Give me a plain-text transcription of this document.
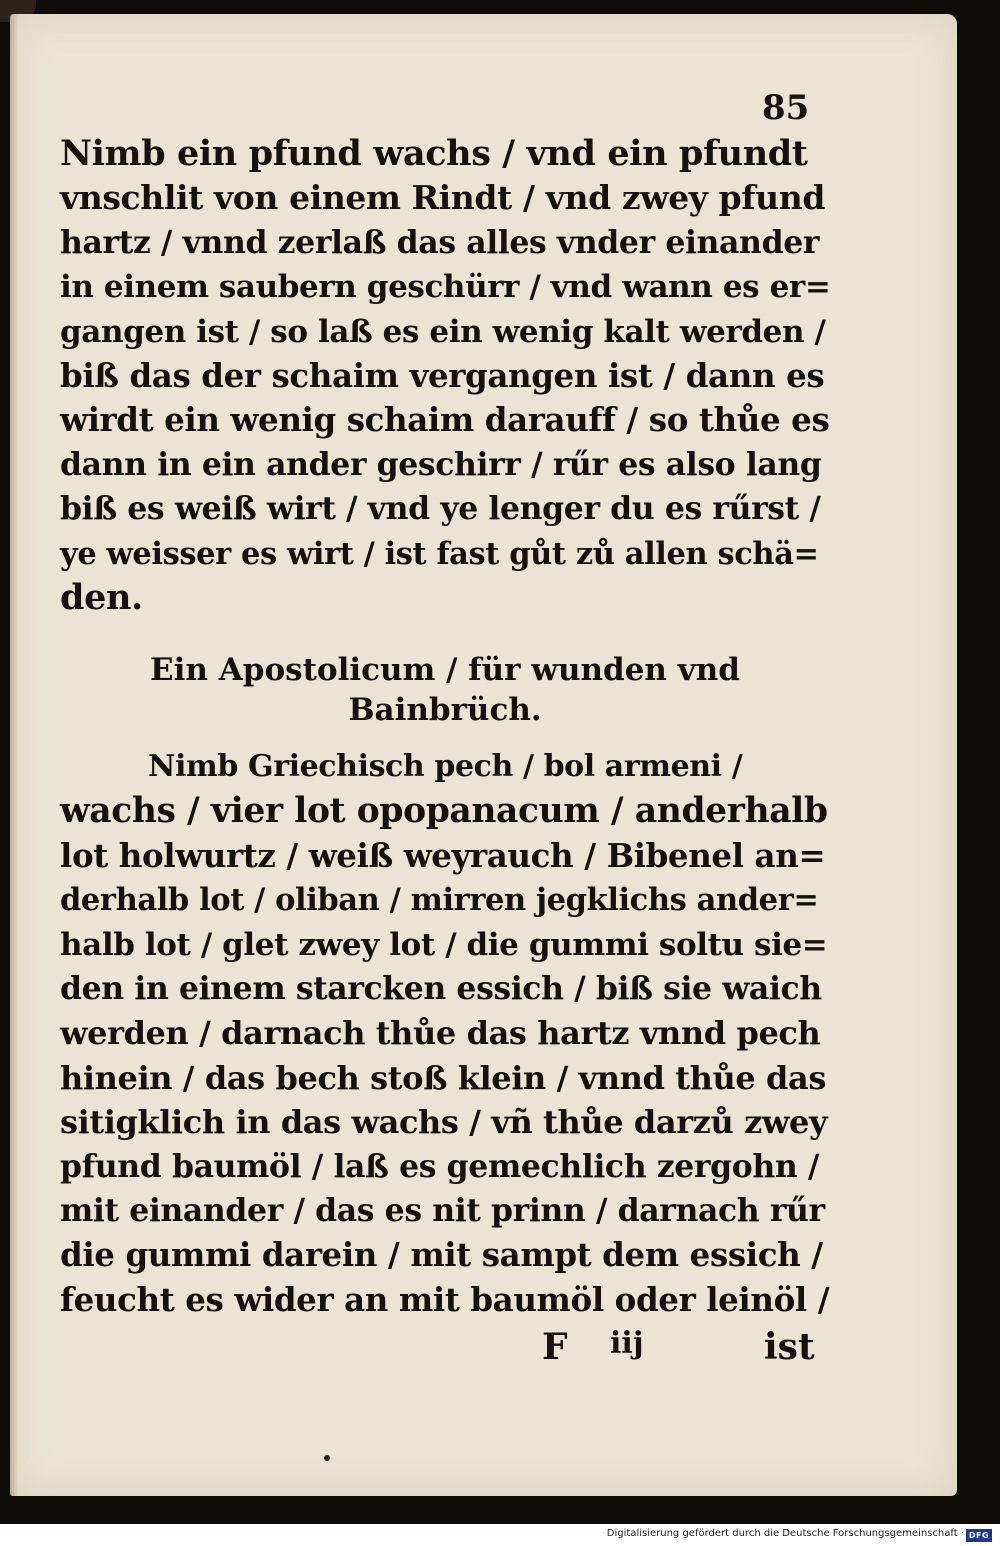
85
Nimb ein pfund wachs / vnd ein pfundt
vnschlit von einem Rindt / vnd zwey pfund
hartz / vnnd zerlaß das alles vnder einander
in einem saubern geschürr / vnd wann es er=
gangen ist / so laß es ein wenig kalt werden /
biß das der schaim vergangen ist / dann es
wirdt ein wenig schaim darauff / so thůe es
dann in ein ander geschirr / rűr es also lang
biß es weiß wirt / vnd ye lenger du es rűrst /
ye weisser es wirt / ist fast gůt zů allen schä=
den.
Ein Apostolicum / für wunden vnd
Bainbrüch.
Nimb Griechisch pech / bol armeni /
wachs / vier lot opopanacum / anderhalb
lot holwurtz / weiß weyrauch / Bibenel an=
derhalb lot / oliban / mirren jegklichs ander=
halb lot / glet zwey lot / die gummi soltu sie=
den in einem starcken essich / biß sie waich
werden / darnach thůe das hartz vnnd pech
hinein / das bech stoß klein / vnnd thůe das
sitigklich in das wachs / vñ thůe darzů zwey
pfund baumöl / laß es gemechlich zergohn /
mit einander / das es nit prinn / darnach rűr
die gummi darein / mit sampt dem essich /
feucht es wider an mit baumöl oder leinöl /
F iij	ist
Digitalisierung gefördert durch die Deutsche Forschungsgemeinschaft · DFG
